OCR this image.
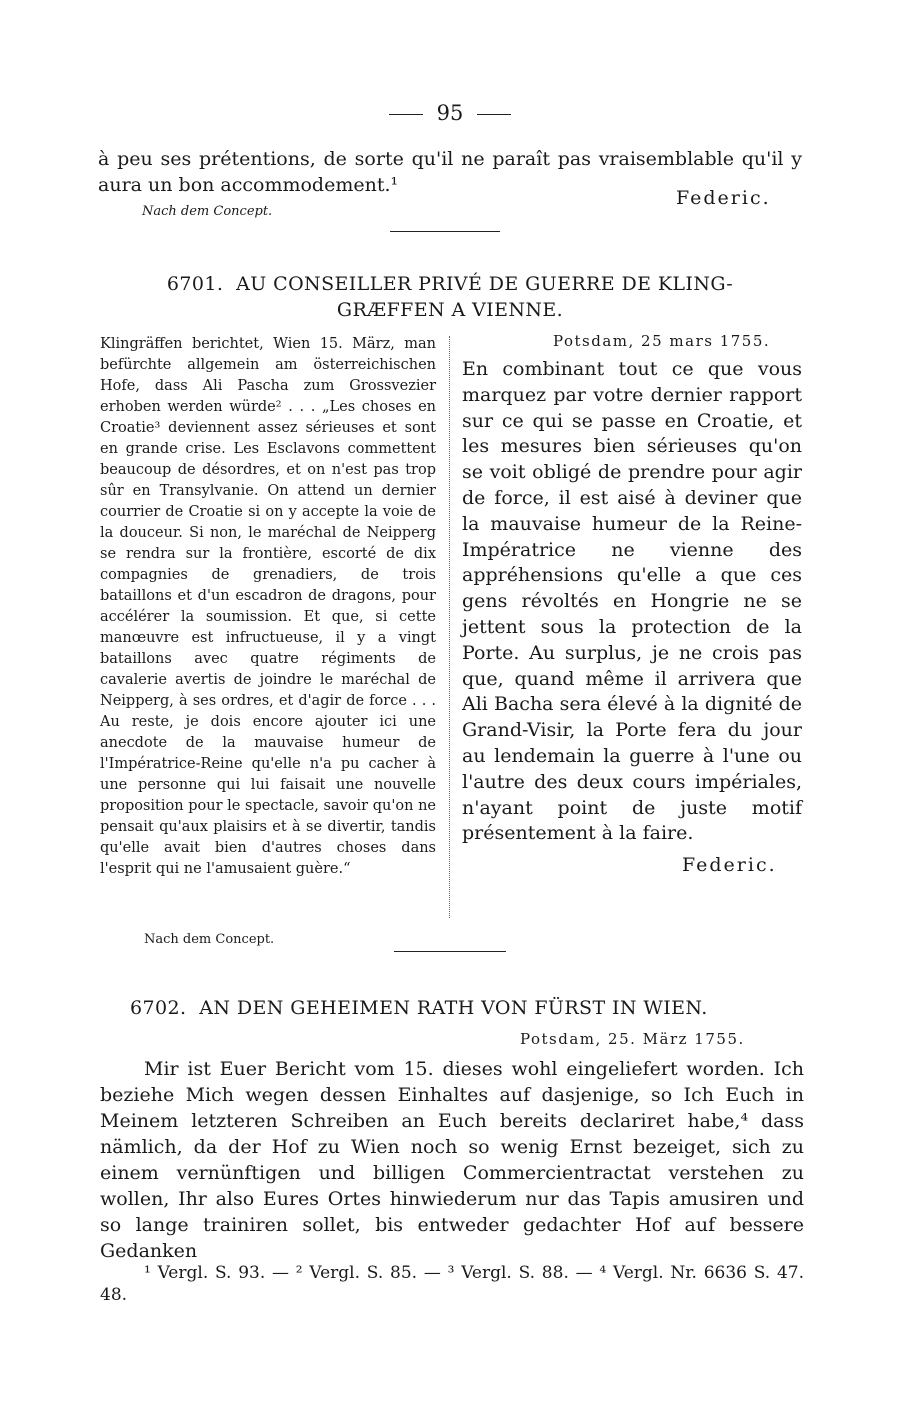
95

à peu ses prétentions, de sorte qu'il ne paraît pas vraisemblable qu'il y aura un bon accommodement.¹

Federic.
Nach dem Concept.
6701. AU CONSEILLER PRIVÉ DE GUERRE DE KLING-
GRÆFFEN A VIENNE.

Klingräffen berichtet, Wien 15. März, man befürchte allgemein am österreichischen Hofe, dass Ali Pascha zum Grossvezier erhoben werden würde² . . . „Les choses en Croatie³ deviennent assez sérieuses et sont en grande crise. Les Esclavons commettent beaucoup de désordres, et on n'est pas trop sûr en Transylvanie. On attend un dernier courrier de Croatie si on y accepte la voie de la douceur. Si non, le maréchal de Neipperg se rendra sur la frontière, escorté de dix compagnies de grenadiers, de trois bataillons et d'un escadron de dragons, pour accélérer la soumission. Et que, si cette manœuvre est infructueuse, il y a vingt bataillons avec quatre régiments de cavalerie avertis de joindre le maréchal de Neipperg, à ses ordres, et d'agir de force . . . Au reste, je dois encore ajouter ici une anecdote de la mauvaise humeur de l'Impératrice-Reine qu'elle n'a pu cacher à une personne qui lui faisait une nouvelle proposition pour le spectacle, savoir qu'on ne pensait qu'aux plaisirs et à se divertir, tandis qu'elle avait bien d'autres choses dans l'esprit qui ne l'amusaient guère.“

Potsdam, 25 mars 1755.

En combinant tout ce que vous marquez par votre dernier rapport sur ce qui se passe en Croatie, et les mesures bien sérieuses qu'on se voit obligé de prendre pour agir de force, il est aisé à deviner que la mauvaise humeur de la Reine-Impératrice ne vienne des appréhensions qu'elle a que ces gens révoltés en Hongrie ne se jettent sous la protection de la Porte. Au surplus, je ne crois pas que, quand même il arrivera que Ali Bacha sera élevé à la dignité de Grand-Visir, la Porte fera du jour au lendemain la guerre à l'une ou l'autre des deux cours impériales, n'ayant point de juste motif présentement à la faire.

Federic.
Nach dem Concept.
6702. AN DEN GEHEIMEN RATH VON FÜRST IN WIEN.
Potsdam, 25. März 1755.

Mir ist Euer Bericht vom 15. dieses wohl eingeliefert worden. Ich beziehe Mich wegen dessen Einhaltes auf dasjenige, so Ich Euch in Meinem letzteren Schreiben an Euch bereits declariret habe,⁴ dass nämlich, da der Hof zu Wien noch so wenig Ernst bezeiget, sich zu einem vernünftigen und billigen Commercientractat verstehen zu wollen, Ihr also Eures Ortes hinwiederum nur das Tapis amusiren und so lange trainiren sollet, bis entweder gedachter Hof auf bessere Gedanken

¹ Vergl. S. 93. — ² Vergl. S. 85. — ³ Vergl. S. 88. — ⁴ Vergl. Nr. 6636 S. 47. 48.
